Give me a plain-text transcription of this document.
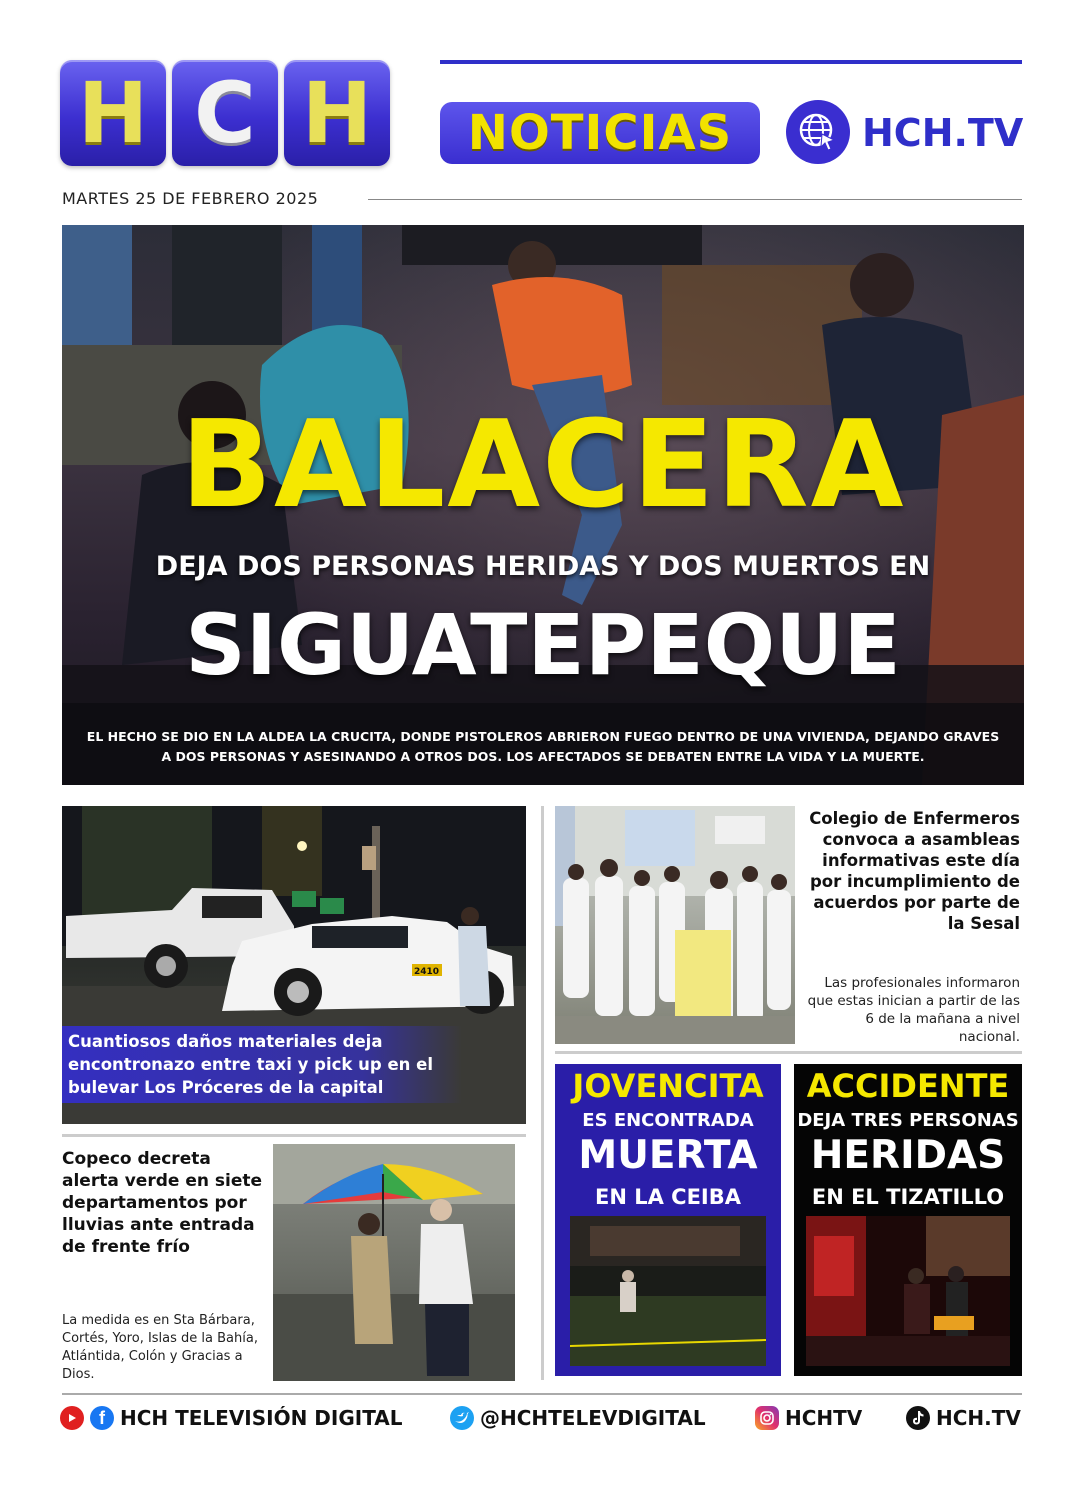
H C H	NOTICIAS	HCH.TV
MARTES 25 DE FEBRERO 2025
BALACERA
DEJA DOS PERSONAS HERIDAS Y DOS MUERTOS EN
SIGUATEPEQUE
EL HECHO SE DIO EN LA ALDEA LA CRUCITA, DONDE PISTOLEROS ABRIERON FUEGO DENTRO DE UNA VIVIENDA, DEJANDO GRAVES A DOS PERSONAS Y ASESINANDO A OTROS DOS. LOS AFECTADOS SE DEBATEN ENTRE LA VIDA Y LA MUERTE.
2410
Cuantiosos daños materiales deja encontronazo entre taxi y pick up en el bulevar Los Próceres de la capital
Colegio de Enfermeros convoca a asambleas informativas este día por incumplimiento de acuerdos por parte de la Sesal
Las profesionales informaron que estas inician a partir de las 6 de la mañana a nivel nacional.
Copeco decreta alerta verde en siete departamentos por lluvias ante entrada de frente frío
La medida es en Sta Bárbara, Cortés, Yoro, Islas de la Bahía, Atlántida, Colón y Gracias a Dios.
JOVENCITA
ES ENCONTRADA
MUERTA
EN LA CEIBA
ACCIDENTE
DEJA TRES PERSONAS
HERIDAS
EN EL TIZATILLO
f HCH TELEVISIÓN DIGITAL	@HCHTELEVDIGITAL	HCHTV	HCH.TV
